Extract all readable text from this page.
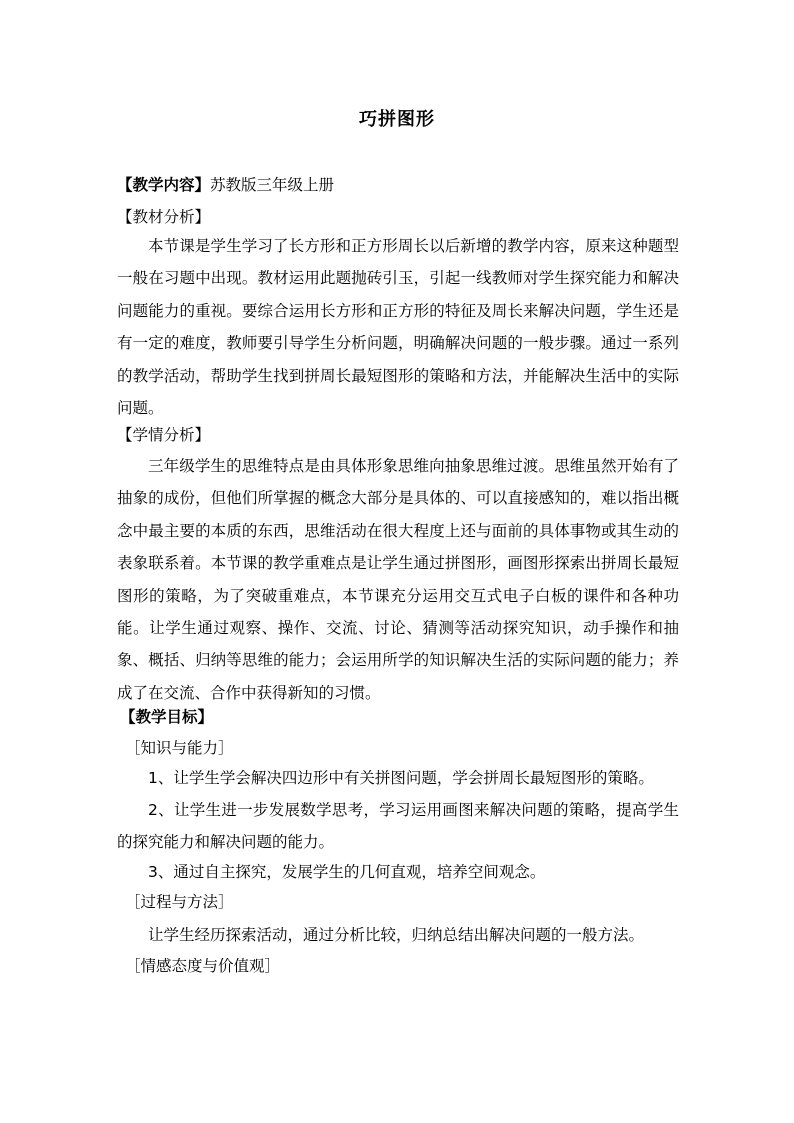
巧拼图形
【教学内容】苏教版三年级上册
【教材分析】
本节课是学生学习了长方形和正方形周长以后新增的教学内容，原来这种题型一般在习题中出现。教材运用此题抛砖引玉，引起一线教师对学生探究能力和解决问题能力的重视。要综合运用长方形和正方形的特征及周长来解决问题，学生还是有一定的难度，教师要引导学生分析问题，明确解决问题的一般步骤。通过一系列的教学活动，帮助学生找到拼周长最短图形的策略和方法，并能解决生活中的实际问题。
【学情分析】
三年级学生的思维特点是由具体形象思维向抽象思维过渡。思维虽然开始有了抽象的成份，但他们所掌握的概念大部分是具体的、可以直接感知的，难以指出概念中最主要的本质的东西，思维活动在很大程度上还与面前的具体事物或其生动的表象联系着。本节课的教学重难点是让学生通过拼图形，画图形探索出拼周长最短图形的策略，为了突破重难点，本节课充分运用交互式电子白板的课件和各种功能。让学生通过观察、操作、交流、讨论、猜测等活动探究知识，动手操作和抽象、概括、归纳等思维的能力；会运用所学的知识解决生活的实际问题的能力；养成了在交流、合作中获得新知的习惯。
【教学目标】
［知识与能力］
1、让学生学会解决四边形中有关拼图问题，学会拼周长最短图形的策略。
2、让学生进一步发展数学思考，学习运用画图来解决问题的策略，提高学生的探究能力和解决问题的能力。
3、通过自主探究，发展学生的几何直观，培养空间观念。
［过程与方法］
让学生经历探索活动，通过分析比较，归纳总结出解决问题的一般方法。
［情感态度与价值观］
